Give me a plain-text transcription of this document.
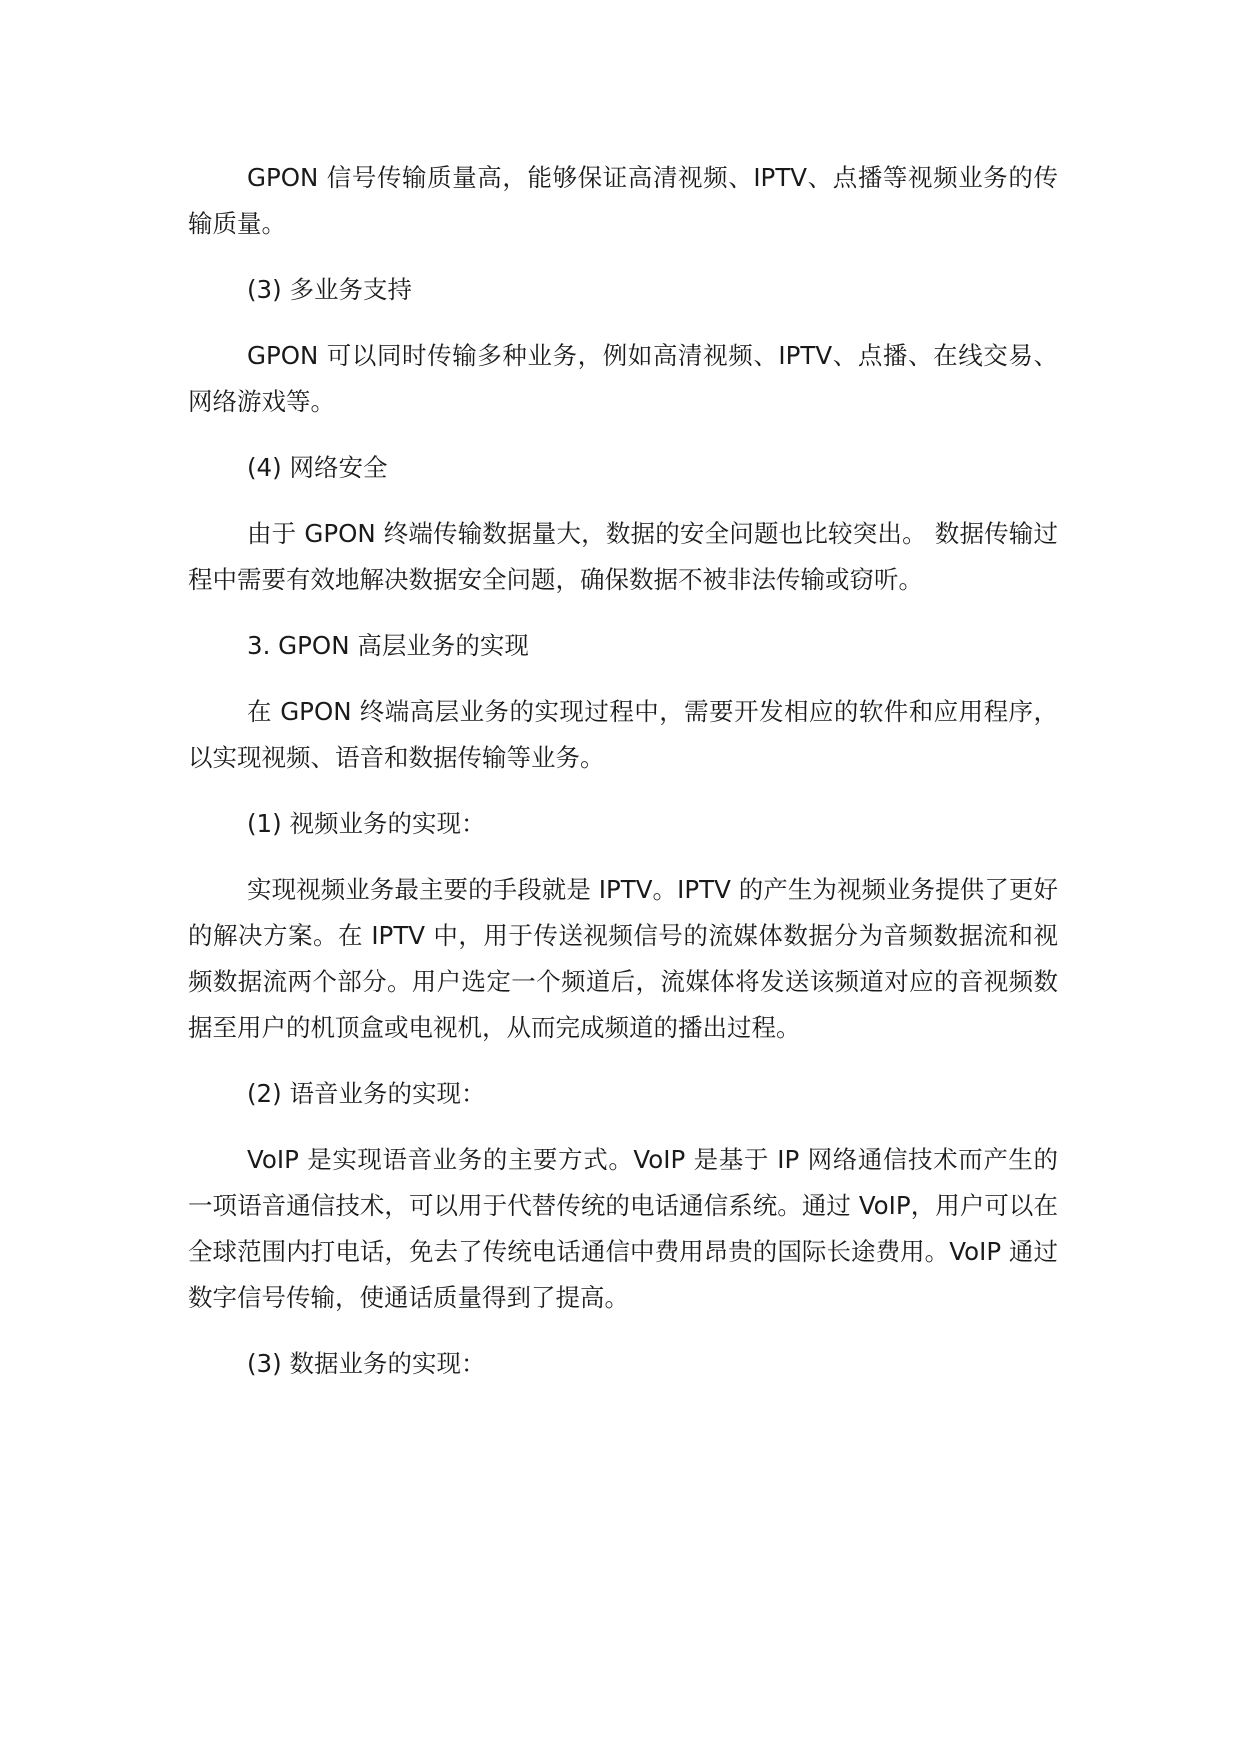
GPON 信号传输质量高，能够保证高清视频、IPTV、点播等视频业务的传输质量。

(3) 多业务支持

GPON 可以同时传输多种业务，例如高清视频、IPTV、点播、在线交易、网络游戏等。

(4) 网络安全

由于 GPON 终端传输数据量大，数据的安全问题也比较突出。 数据传输过程中需要有效地解决数据安全问题，确保数据不被非法传输或窃听。

3. GPON 高层业务的实现

在 GPON 终端高层业务的实现过程中，需要开发相应的软件和应用程序，以实现视频、语音和数据传输等业务。

(1) 视频业务的实现：

实现视频业务最主要的手段就是 IPTV。IPTV 的产生为视频业务提供了更好的解决方案。在 IPTV 中，用于传送视频信号的流媒体数据分为音频数据流和视频数据流两个部分。用户选定一个频道后，流媒体将发送该频道对应的音视频数据至用户的机顶盒或电视机，从而完成频道的播出过程。

(2) 语音业务的实现：

VoIP 是实现语音业务的主要方式。VoIP 是基于 IP 网络通信技术而产生的一项语音通信技术，可以用于代替传统的电话通信系统。通过 VoIP，用户可以在全球范围内打电话，免去了传统电话通信中费用昂贵的国际长途费用。VoIP 通过数字信号传输，使通话质量得到了提高。

(3) 数据业务的实现：
